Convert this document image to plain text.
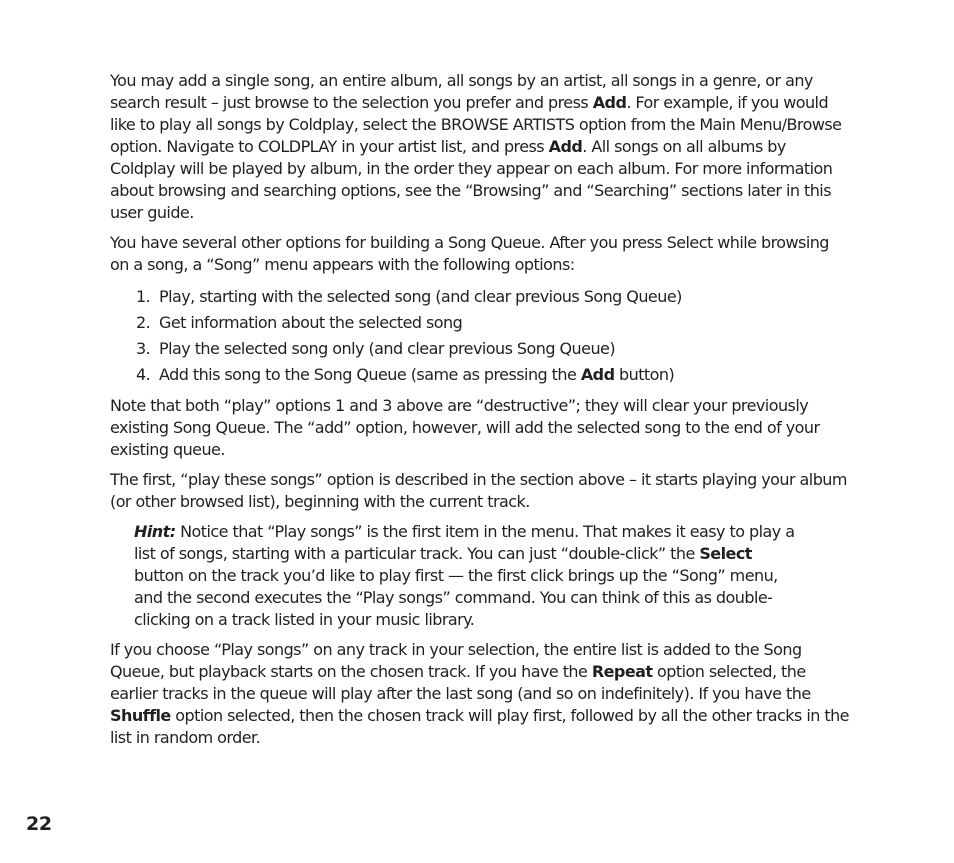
You may add a single song, an entire album, all songs by an artist, all songs in a genre, or any search result – just browse to the selection you prefer and press Add. For example, if you would like to play all songs by Coldplay, select the BROWSE ARTISTS option from the Main Menu/Browse option. Navigate to COLDPLAY in your artist list, and press Add. All songs on all albums by Coldplay will be played by album, in the order they appear on each album. For more information about browsing and searching options, see the “Browsing” and “Searching” sections later in this user guide.

You have several other options for building a Song Queue. After you press Select while browsing on a song, a “Song” menu appears with the following options:

1. Play, starting with the selected song (and clear previous Song Queue)
2. Get information about the selected song
3. Play the selected song only (and clear previous Song Queue)
4. Add this song to the Song Queue (same as pressing the Add button)

Note that both “play” options 1 and 3 above are “destructive”; they will clear your previously existing Song Queue. The “add” option, however, will add the selected song to the end of your existing queue.

The first, “play these songs” option is described in the section above – it starts playing your album (or other browsed list), beginning with the current track.

Hint: Notice that “Play songs” is the first item in the menu. That makes it easy to play a list of songs, starting with a particular track. You can just “double-click” the Select button on the track you’d like to play first — the first click brings up the “Song” menu, and the second executes the “Play songs” command. You can think of this as double-clicking on a track listed in your music library.

If you choose “Play songs” on any track in your selection, the entire list is added to the Song Queue, but playback starts on the chosen track. If you have the Repeat option selected, the earlier tracks in the queue will play after the last song (and so on indefinitely). If you have the Shuffle option selected, then the chosen track will play first, followed by all the other tracks in the list in random order.

22
